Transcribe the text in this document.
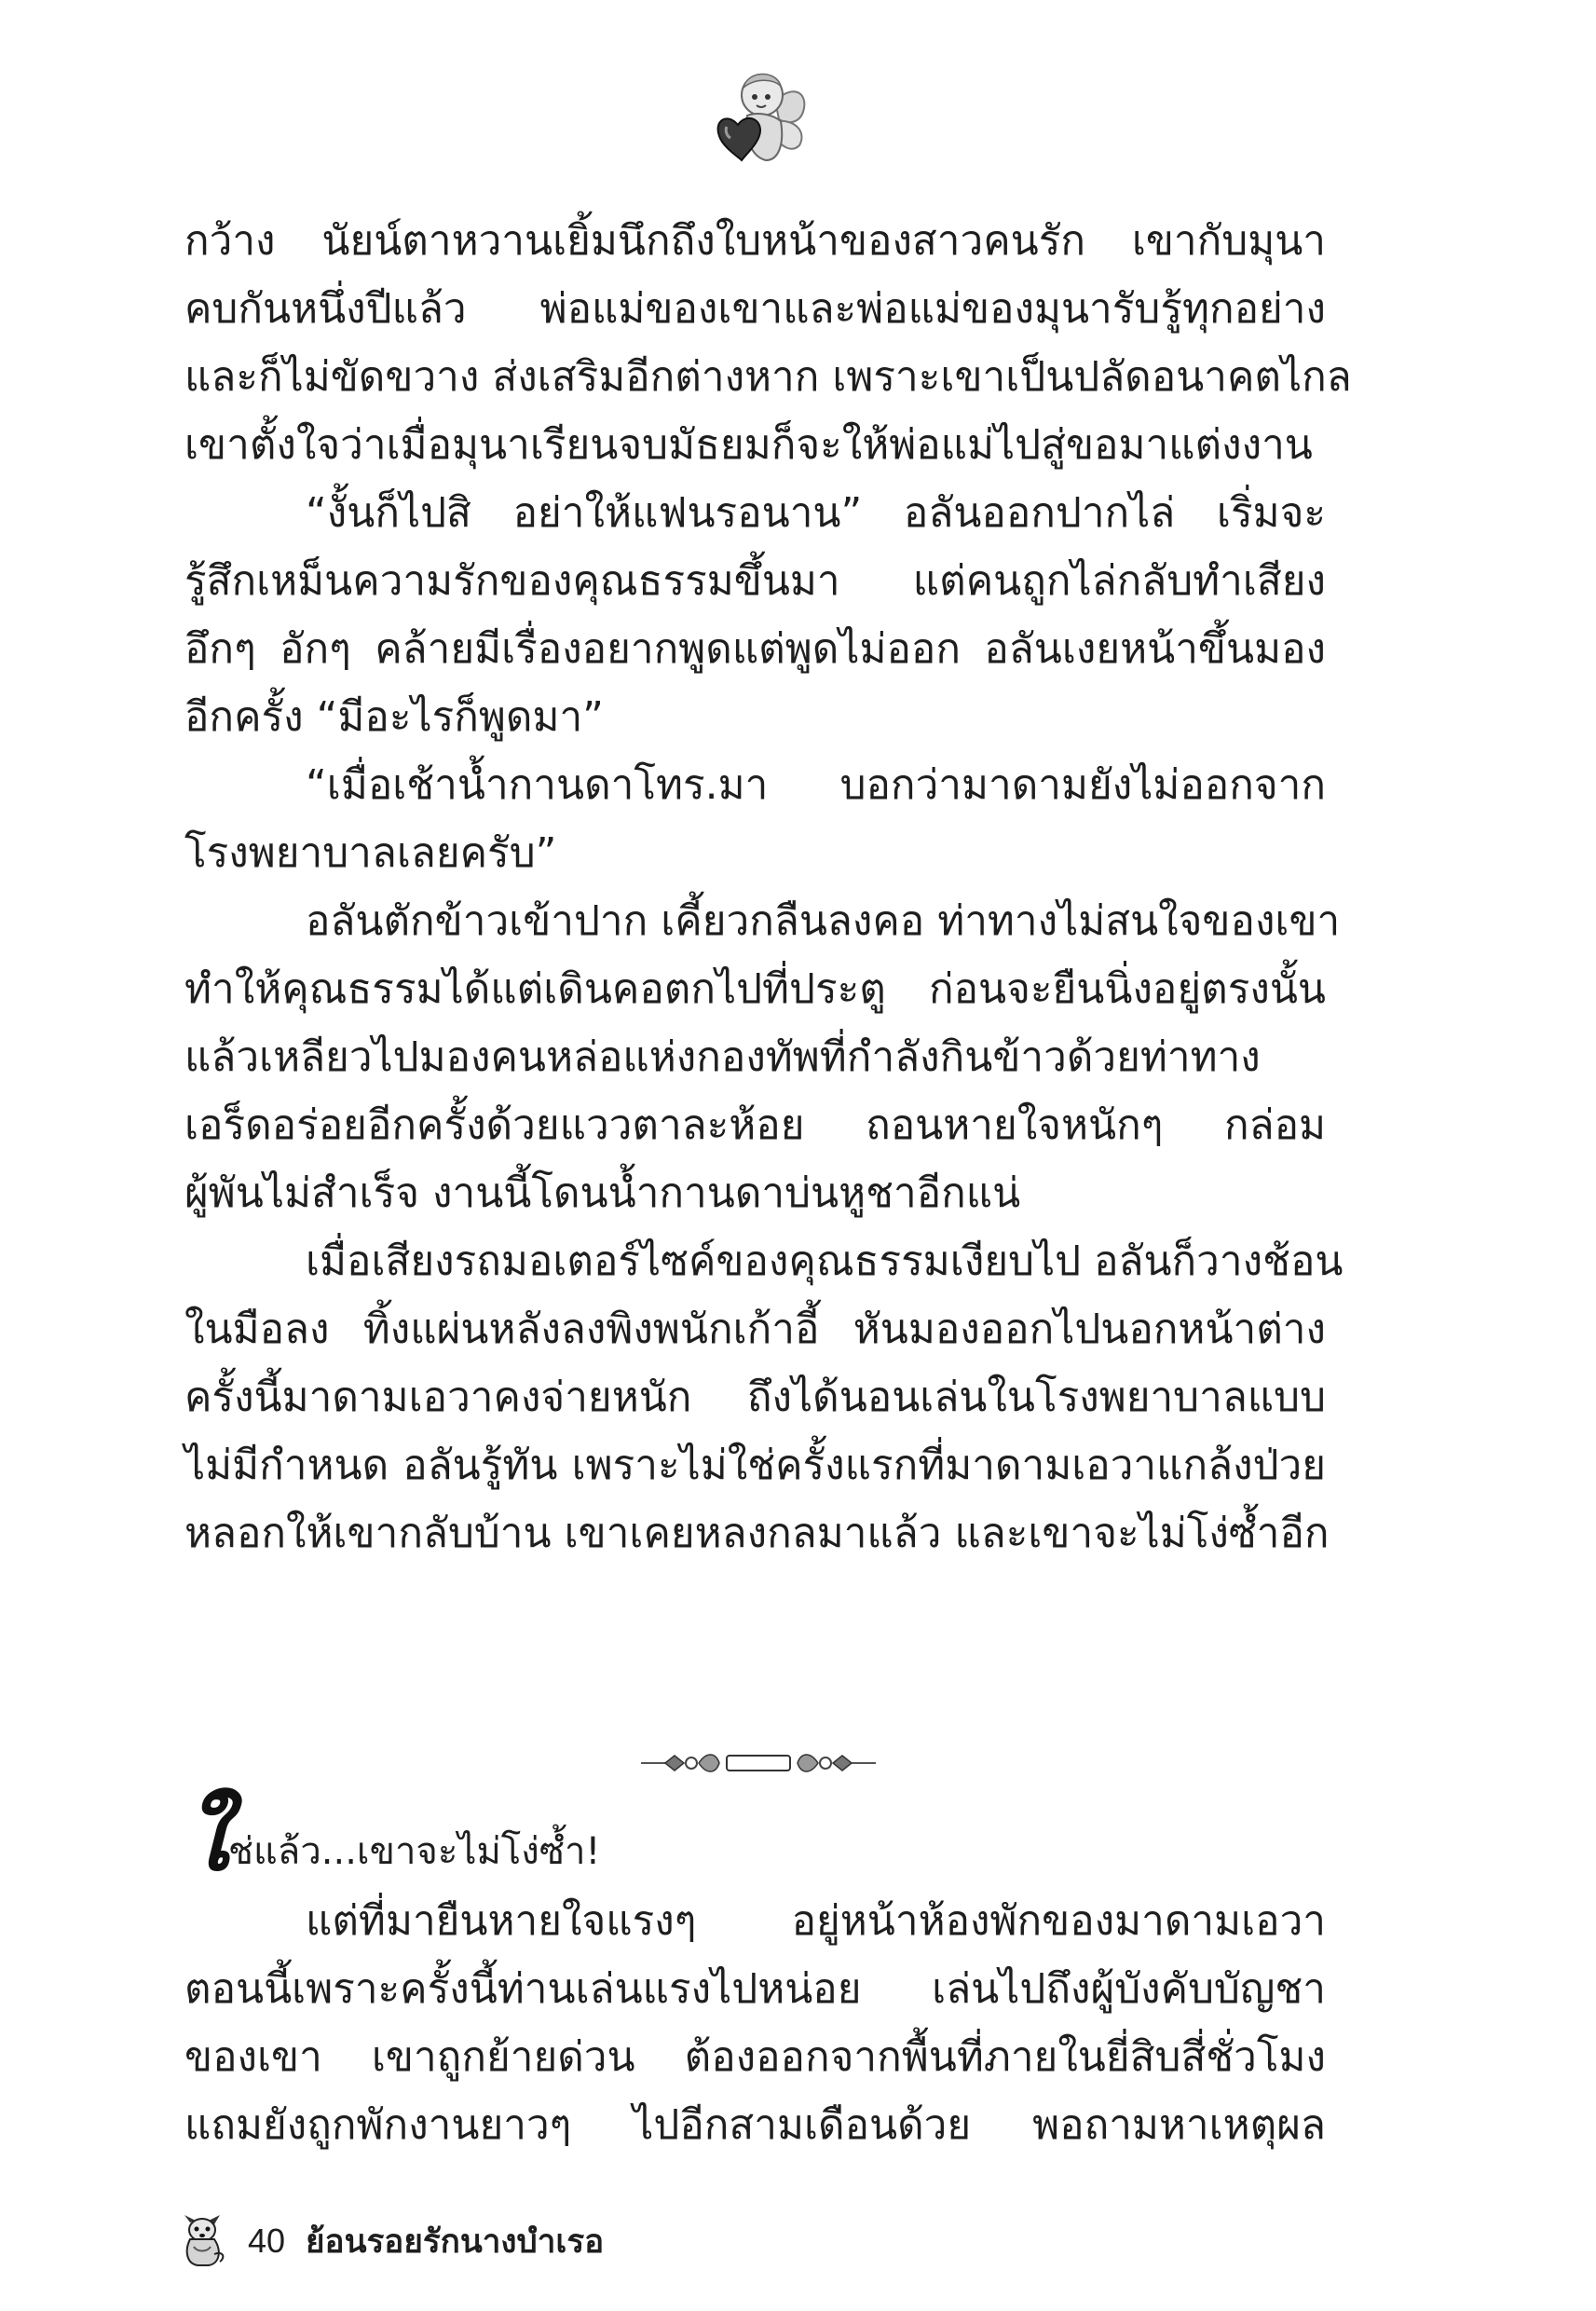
กว้าง นัยน์ตาหวานเยิ้มนึกถึงใบหน้าของสาวคนรัก เขากับมุนา
คบกันหนึ่งปีแล้ว พ่อแม่ของเขาและพ่อแม่ของมุนารับรู้ทุกอย่าง
และก็ไม่ขัดขวาง ส่งเสริมอีกต่างหาก เพราะเขาเป็นปลัดอนาคตไกล
เขาตั้งใจว่าเมื่อมุนาเรียนจบมัธยมก็จะให้พ่อแม่ไปสู่ขอมาแต่งงาน
“งั้นก็ไปสิ อย่าให้แฟนรอนาน” อลันออกปากไล่ เริ่มจะ
รู้สึกเหม็นความรักของคุณธรรมขึ้นมา แต่คนถูกไล่กลับทำเสียง
อึกๆ อักๆ คล้ายมีเรื่องอยากพูดแต่พูดไม่ออก อลันเงยหน้าขึ้นมอง
อีกครั้ง “มีอะไรก็พูดมา”
“เมื่อเช้าน้ำกานดาโทร.มา บอกว่ามาดามยังไม่ออกจาก
โรงพยาบาลเลยครับ”
อลันตักข้าวเข้าปาก เคี้ยวกลืนลงคอ ท่าทางไม่สนใจของเขา
ทำให้คุณธรรมได้แต่เดินคอตกไปที่ประตู ก่อนจะยืนนิ่งอยู่ตรงนั้น
แล้วเหลียวไปมองคนหล่อแห่งกองทัพที่กำลังกินข้าวด้วยท่าทาง
เอร็ดอร่อยอีกครั้งด้วยแววตาละห้อย ถอนหายใจหนักๆ กล่อม
ผู้พันไม่สำเร็จ งานนี้โดนน้ำกานดาบ่นหูชาอีกแน่
เมื่อเสียงรถมอเตอร์ไซค์ของคุณธรรมเงียบไป อลันก็วางช้อน
ในมือลง ทิ้งแผ่นหลังลงพิงพนักเก้าอี้ หันมองออกไปนอกหน้าต่าง
ครั้งนี้มาดามเอวาคงจ่ายหนัก ถึงได้นอนเล่นในโรงพยาบาลแบบ
ไม่มีกำหนด อลันรู้ทัน เพราะไม่ใช่ครั้งแรกที่มาดามเอวาแกล้งป่วย
หลอกให้เขากลับบ้าน เขาเคยหลงกลมาแล้ว และเขาจะไม่โง่ซ้ำอีก
ใช่แล้ว...เขาจะไม่โง่ซ้ำ!
แต่ที่มายืนหายใจแรงๆ อยู่หน้าห้องพักของมาดามเอวา
ตอนนี้เพราะครั้งนี้ท่านเล่นแรงไปหน่อย เล่นไปถึงผู้บังคับบัญชา
ของเขา เขาถูกย้ายด่วน ต้องออกจากพื้นที่ภายในยี่สิบสี่ชั่วโมง
แถมยังถูกพักงานยาวๆ ไปอีกสามเดือนด้วย พอถามหาเหตุผล
40 ย้อนรอยรักนางบำเรอ
